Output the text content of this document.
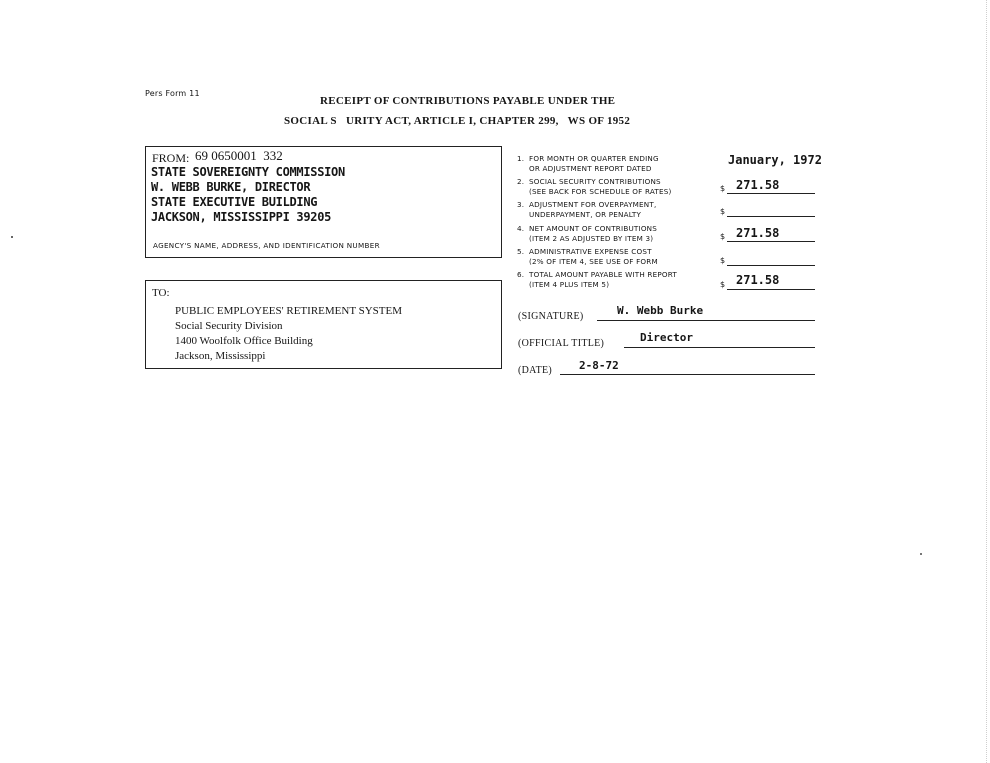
Pers Form 11
RECEIPT OF CONTRIBUTIONS PAYABLE UNDER THE
SOCIAL S   URITY ACT, ARTICLE I, CHAPTER 299,   WS OF 1952
FROM: 69 0650001  332
STATE SOVEREIGNTY COMMISSION
W. WEBB BURKE, DIRECTOR
STATE EXECUTIVE BUILDING
JACKSON, MISSISSIPPI 39205
AGENCY'S NAME, ADDRESS, AND IDENTIFICATION NUMBER
TO:
PUBLIC EMPLOYEES' RETIREMENT SYSTEM
Social Security Division
1400 Woolfolk Office Building
Jackson, Mississippi
1. FOR MONTH OR QUARTER ENDING
OR ADJUSTMENT REPORT DATED
January, 1972
2. SOCIAL SECURITY CONTRIBUTIONS
(SEE BACK FOR SCHEDULE OF RATES)	$ 271.58
3. ADJUSTMENT FOR OVERPAYMENT,
UNDERPAYMENT, OR PENALTY	$
4. NET AMOUNT OF CONTRIBUTIONS
(ITEM 2 AS ADJUSTED BY ITEM 3)	$ 271.58
5. ADMINISTRATIVE EXPENSE COST
(2% OF ITEM 4, SEE USE OF FORM	$
6. TOTAL AMOUNT PAYABLE WITH REPORT
(ITEM 4 PLUS ITEM 5)	$ 271.58
(SIGNATURE)	W. Webb Burke
(OFFICIAL TITLE)	Director
(DATE) 2-8-72
